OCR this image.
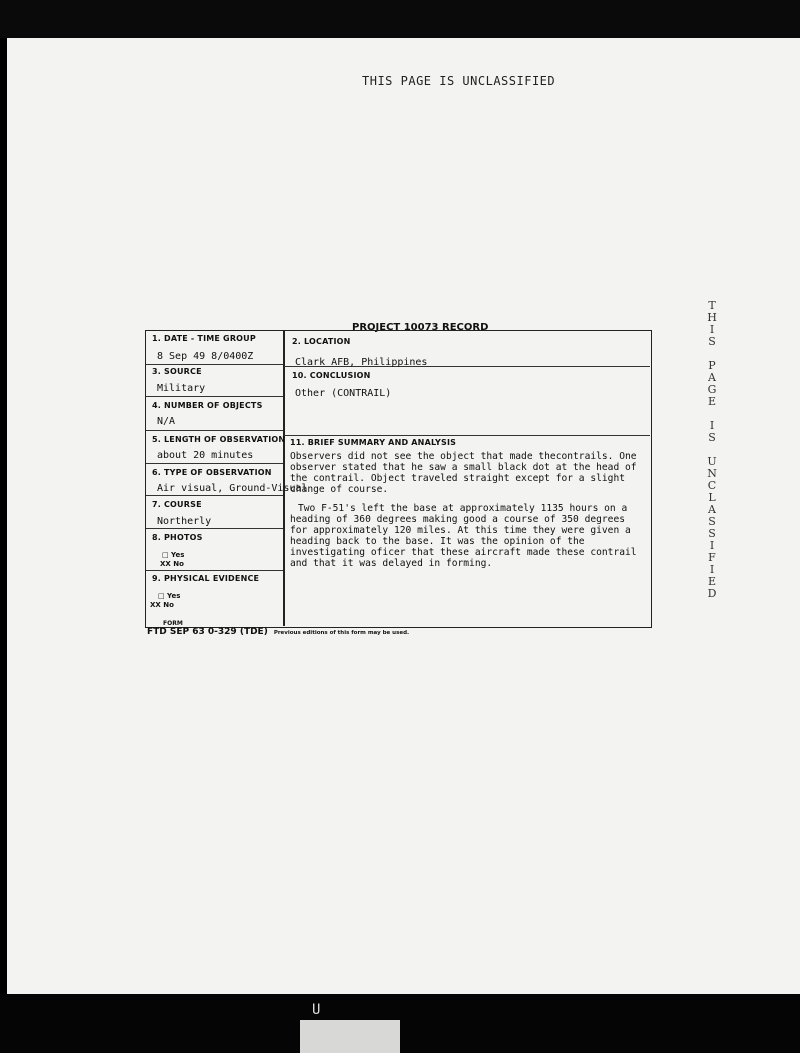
THIS PAGE IS UNCLASSIFIED
T
H
I
S

P
A
G
E

I
S

U
N
C
L
A
S
S
I
F
I
E
D
PROJECT 10073 RECORD
1. DATE - TIME GROUP
8 Sep 49 8/0400Z
3. SOURCE
Military
4. NUMBER OF OBJECTS
N/A
5. LENGTH OF OBSERVATION
about 20 minutes
6. TYPE OF OBSERVATION
Air visual, Ground-Visual
7. COURSE
Northerly
8. PHOTOS
□ Yes
XX No
9. PHYSICAL EVIDENCE
□ Yes
XX No
2. LOCATION
Clark AFB, Philippines
10. CONCLUSION
Other (CONTRAIL)
11. BRIEF SUMMARY AND ANALYSIS

Observers did not see the object that made thecontrails. One observer stated that he saw a small black dot at the head of the contrail. Object traveled straight except for a slight change of course.

Two F-51's left the base at approximately 1135 hours on a heading of 360 degrees making good a course of 350 degrees for approximately 120 miles. At this time they were given a heading back to the base. It was the opinion of the investigating oficer that these aircraft made these contrail and that it was delayed in forming.

FORM
FTD SEP 63 0-329 (TDE) Previous editions of this form may be used.
U
